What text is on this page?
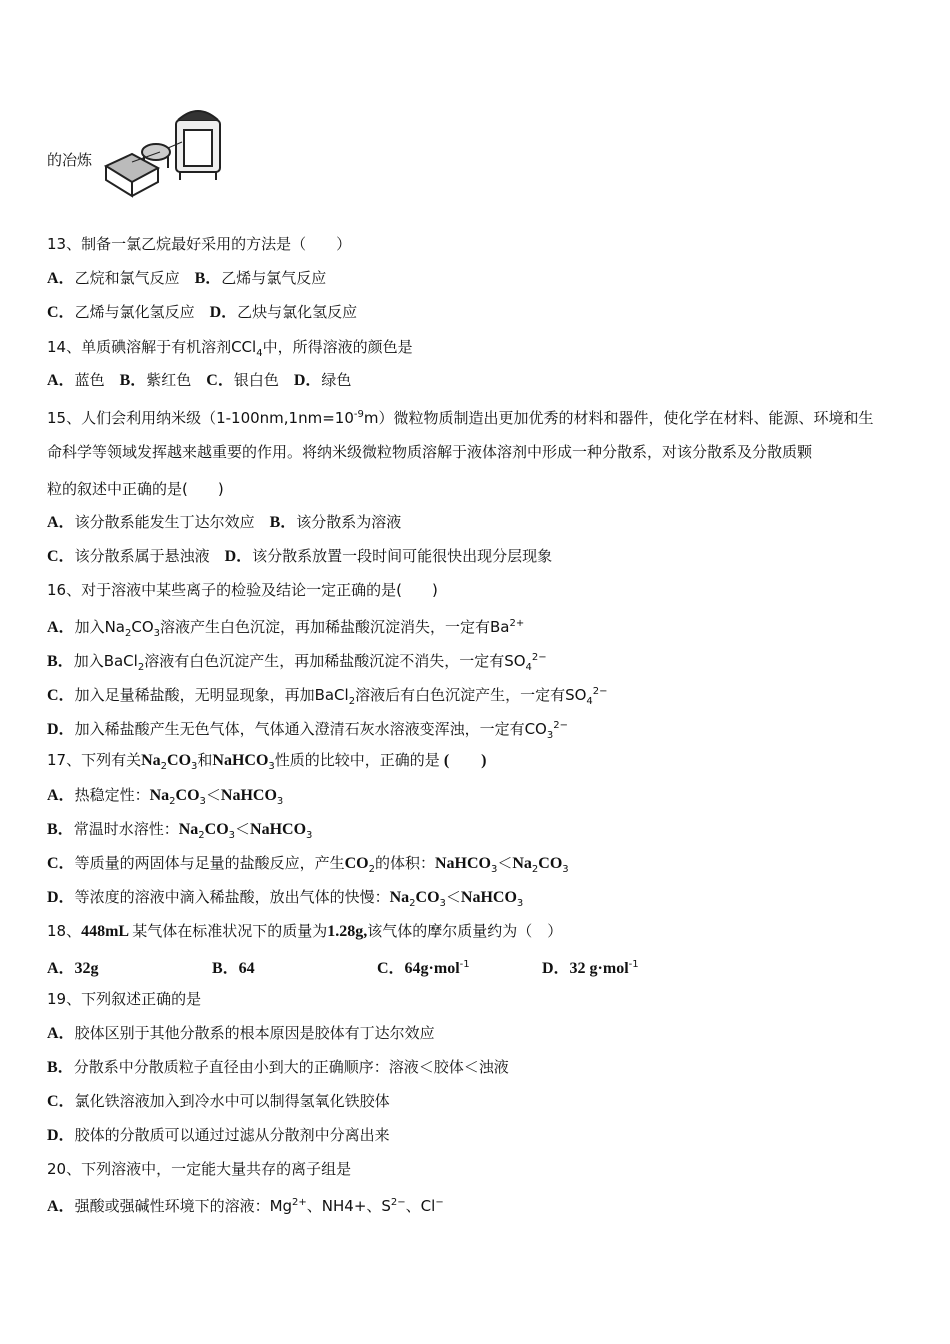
的冶炼
13、制备一氯乙烷最好采用的方法是（　　）
A．乙烷和氯气反应　B．乙烯与氯气反应
C．乙烯与氯化氢反应　D．乙炔与氯化氢反应
14、单质碘溶解于有机溶剂CCl$_4$中，所得溶液的颜色是
A．蓝色　B．紫红色　C．银白色　D．绿色
15、人们会利用纳米级$(1-100nm,1nm=10^{-9}m)$微粒物质制造出更加优秀的材料和器件，使化学在材料、能源、环境和生
命科学等领域发挥越来越重要的作用。将纳米级微粒物质溶解于液体溶剂中形成一种分散系，对该分散系及分散质颗
粒的叙述中正确的是(　　)
A．该分散系能发生丁达尔效应　B．该分散系为溶液
C．该分散系属于悬浊液　D．该分散系放置一段时间可能很快出现分层现象
16、对于溶液中某些离子的检验及结论一定正确的是(　　)
A．加入$Na_2CO_3$溶液产生白色沉淀，再加稀盐酸沉淀消失，一定有$Ba^{2+}$
B．加入BaCl$_2$溶液有白色沉淀产生，再加稀盐酸沉淀不消失，一定有$SO_4^{2-}$
C．加入足量稀盐酸，无明显现象，再加BaCl$_2$溶液后有白色沉淀产生，一定有$SO_4^{2-}$
D．加入稀盐酸产生无色气体，气体通入澄清石灰水溶液变浑浊，一定有$CO_3^{2-}$
17、下列有关$Na_2CO_3$和NaHCO$_3$性质的比较中，正确的是 (　　)
A．热稳定性：$Na_2CO_3<NaHCO_3$
B．常温时水溶性：$Na_2CO_3<NaHCO_3$
C．等质量的两固体与足量的盐酸反应，产生$CO_2$的体积：$NaHCO_3<Na_2CO_3$
D．等浓度的溶液中滴入稀盐酸，放出气体的快慢：$Na_2CO_3<NaHCO_3$
18、448mL 某气体在标准状况下的质量为1.28g,该气体的摩尔质量约为（　）
A．32g	B．64	C．64g·mol$^{-1}$	D．32 g·mol$^{-1}$
19、下列叙述正确的是
A．胶体区别于其他分散系的根本原因是胶体有丁达尔效应
B．分散系中分散质粒子直径由小到大的正确顺序：溶液＜胶体＜浊液
C．氯化铁溶液加入到冷水中可以制得氢氧化铁胶体
D．胶体的分散质可以通过过滤从分散剂中分离出来
20、下列溶液中，一定能大量共存的离子组是
A．强酸或强碱性环境下的溶液：$Mg^{2+}$、NH4+、$S^{2-}$、Cl−
